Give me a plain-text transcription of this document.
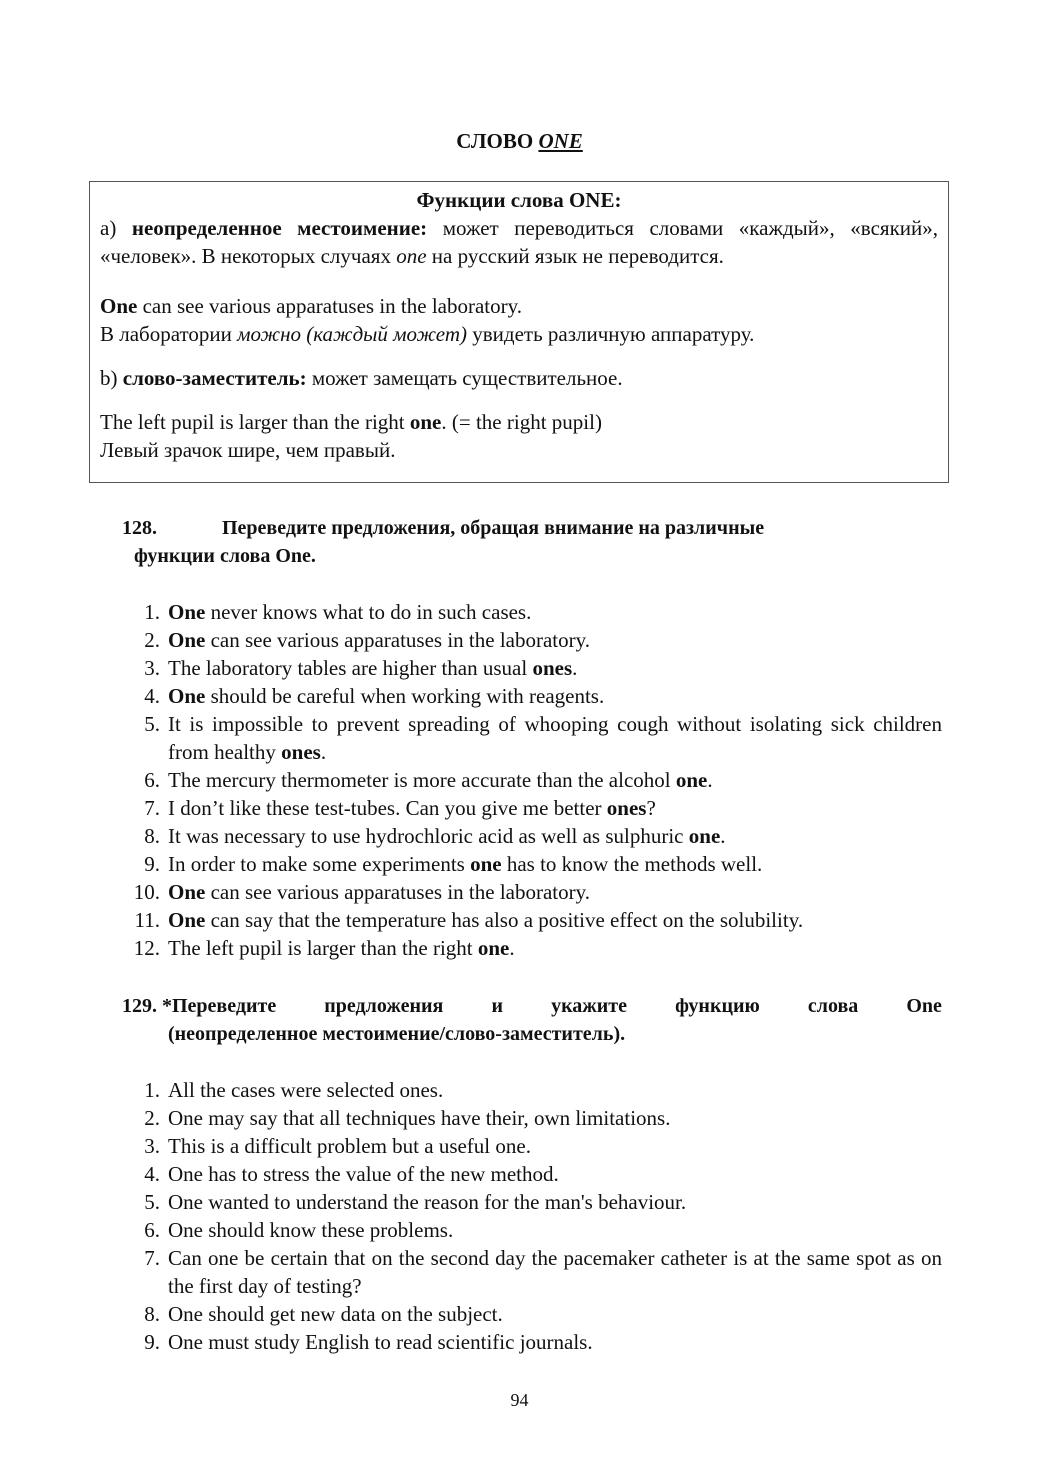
СЛОВО ONE
Функции слова ONE:
а) неопределенное местоимение: может переводиться словами «каждый», «всякий», «человек». В некоторых случаях one на русский язык не переводится.
One can see various apparatuses in the laboratory.
В лаборатории можно (каждый может) увидеть различную аппаратуру.
b) слово-заместитель: может замещать существительное.
The left pupil is larger than the right one. (= the right pupil)
Левый зрачок шире, чем правый.
128.	Переведите предложения, обращая внимание на различные
функции слова One.
1. One never knows what to do in such cases.
2. One can see various apparatuses in the laboratory.
3. The laboratory tables are higher than usual ones.
4. One should be careful when working with reagents.
5. It is impossible to prevent spreading of whooping cough without isolating sick children from healthy ones.
6. The mercury thermometer is more accurate than the alcohol one.
7. I don’t like these test-tubes. Can you give me better ones?
8. It was necessary to use hydrochloric acid as well as sulphuric one.
9. In order to make some experiments one has to know the methods well.
10. One can see various apparatuses in the laboratory.
11. One can say that the temperature has also a positive effect on the solubility.
12. The left pupil is larger than the right one.
129. *Переведите предложения и укажите функцию слова One
(неопределенное местоимение/слово-заместитель).
1. All the cases were selected ones.
2. One may say that all techniques have their, own limitations.
3. This is a difficult problem but a useful one.
4. One has to stress the value of the new method.
5. One wanted to understand the reason for the man's behaviour.
6. One should know these problems.
7. Can one be certain that on the second day the pacemaker catheter is at the same spot as on the first day of testing?
8. One should get new data on the subject.
9. One must study English to read scientific journals.
94
